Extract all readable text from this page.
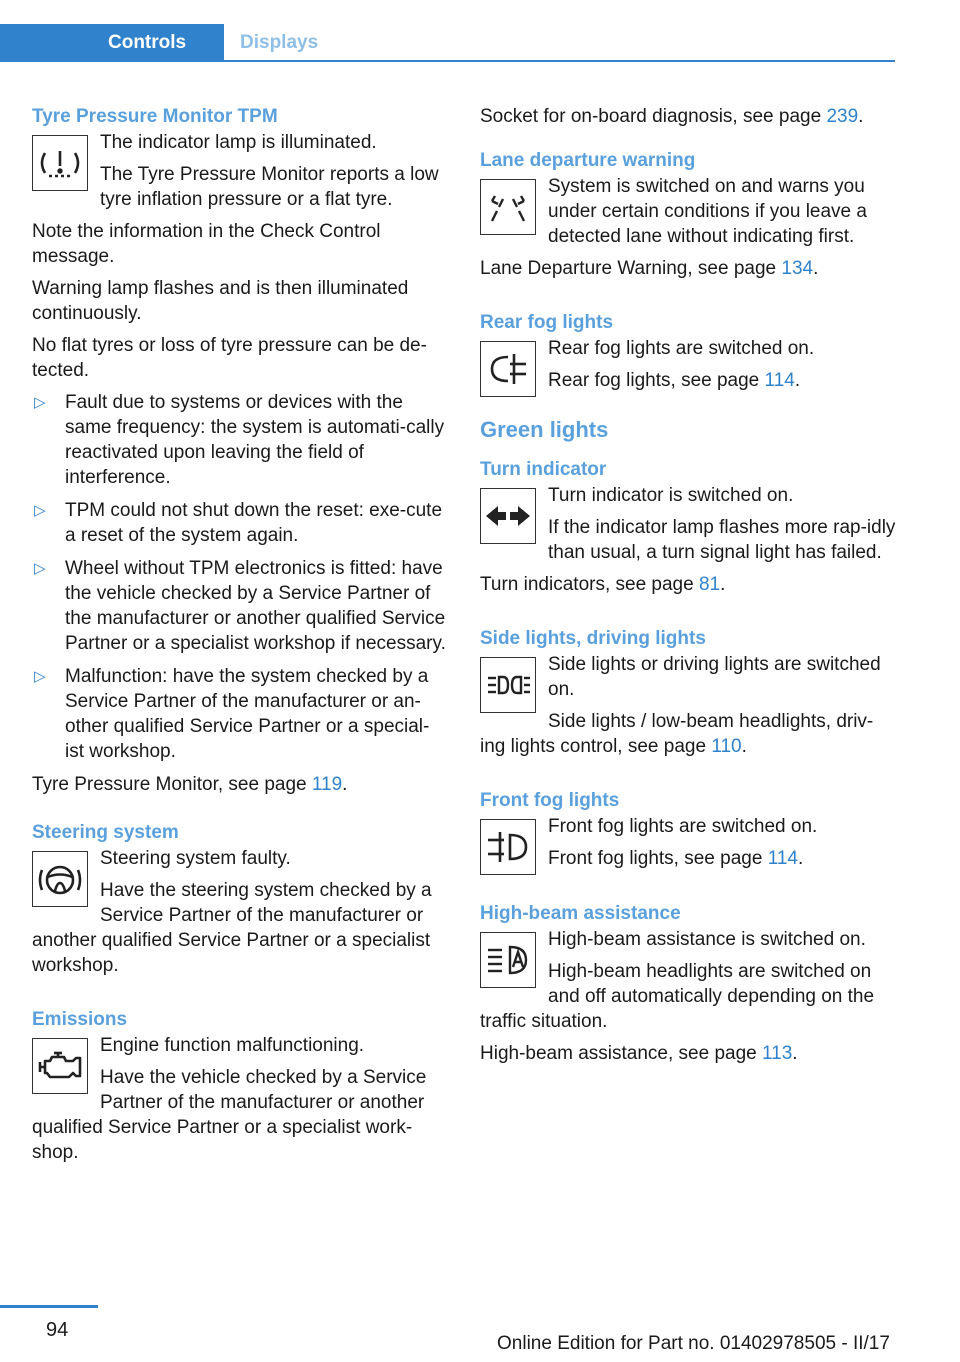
Controls	Displays
Tyre Pressure Monitor TPM

The indicator lamp is illuminated.

The Tyre Pressure Monitor reports a low tyre inflation pressure or a flat tyre.

Note the information in the Check Control message.

Warning lamp flashes and is then illuminated continuously.

No flat tyres or loss of tyre pressure can be de‐tected.

▷ Fault due to systems or devices with the same frequency: the system is automati‐cally reactivated upon leaving the field of interference.
▷ TPM could not shut down the reset: exe‐cute a reset of the system again.
▷ Wheel without TPM electronics is fitted: have the vehicle checked by a Service Partner of the manufacturer or another qualified Service Partner or a specialist workshop if necessary.
▷ Malfunction: have the system checked by a Service Partner of the manufacturer or an‐other qualified Service Partner or a special‐ist workshop.

Tyre Pressure Monitor, see page 119.

Steering system

Steering system faulty.

Have the steering system checked by a Service Partner of the manufacturer or another qualified Service Partner or a specialist workshop.

Emissions

Engine function malfunctioning.

Have the vehicle checked by a Service Partner of the manufacturer or another qualified Service Partner or a specialist work‐shop.

Socket for on-board diagnosis, see page 239.

Lane departure warning

System is switched on and warns you under certain conditions if you leave a detected lane without indicating first.

Lane Departure Warning, see page 134.

Rear fog lights

Rear fog lights are switched on.

Rear fog lights, see page 114.

Green lights
Turn indicator

Turn indicator is switched on.

If the indicator lamp flashes more rap‐idly than usual, a turn signal light has failed.

Turn indicators, see page 81.

Side lights, driving lights

Side lights or driving lights are switched on.

Side lights / low-beam headlights, driv‐ing lights control, see page 110.

Front fog lights

Front fog lights are switched on.

Front fog lights, see page 114.

High-beam assistance

High-beam assistance is switched on.

High-beam headlights are switched on and off automatically depending on the traffic situation.

High-beam assistance, see page 113.

94
Online Edition for Part no. 01402978505 - II/17
